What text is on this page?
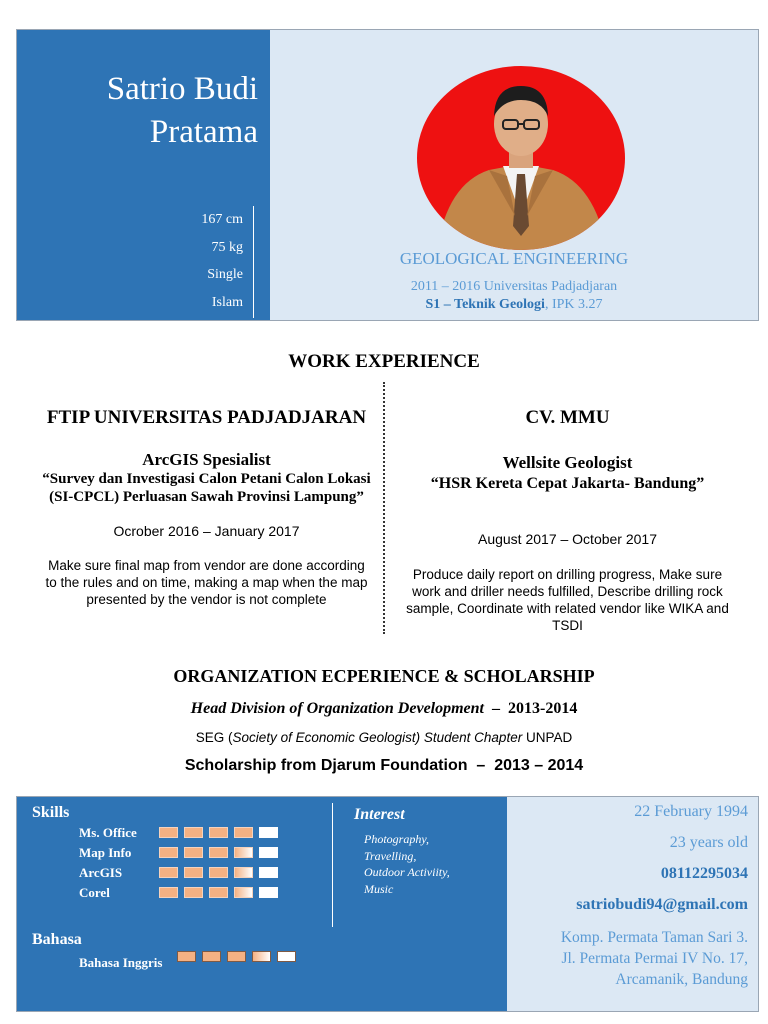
Satrio Budi
Pratama
167 cm
75 kg
Single
Islam
GEOLOGICAL ENGINEERING
2011 – 2016 Universitas Padjadjaran
S1 – Teknik Geologi, IPK 3.27
WORK EXPERIENCE
FTIP UNIVERSITAS PADJADJARAN
ArcGIS Spesialist
“Survey dan Investigasi Calon Petani Calon Lokasi
(SI-CPCL) Perluasan Sawah Provinsi Lampung”
Ocrober 2016 – January 2017
Make sure final map from vendor are done according
to the rules and on time, making a map when the map
presented by the vendor is not complete
CV. MMU
Wellsite Geologist
“HSR Kereta Cepat Jakarta- Bandung”
August 2017 – October 2017
Produce daily report on drilling progress, Make sure
work and driller needs fulfilled, Describe drilling rock
sample, Coordinate with related vendor like WIKA and
TSDI
ORGANIZATION ECPERIENCE & SCHOLARSHIP
Head Division of Organization Development – 2013-2014
SEG (Society of Economic Geologist) Student Chapter UNPAD
Scholarship from Djarum Foundation – 2013 – 2014
Skills
Ms. Office
Map Info
ArcGIS
Corel
Bahasa
Bahasa Inggris
Interest
Photography,
Travelling,
Outdoor Activiity,
Music
22 February 1994
23 years old
08112295034
satriobudi94@gmail.com
Komp. Permata Taman Sari 3.
Jl. Permata Permai IV No. 17,
Arcamanik, Bandung
